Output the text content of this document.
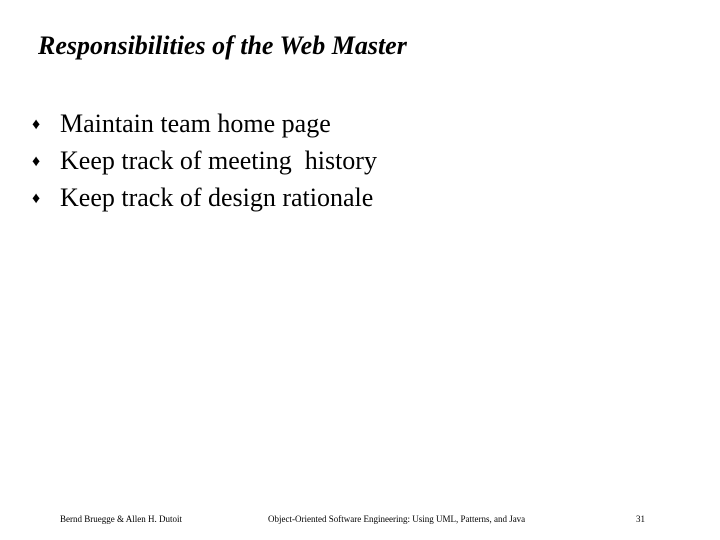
Responsibilities of the Web Master
♦ Maintain team home page
♦ Keep track of meeting  history
♦ Keep track of design rationale
Bernd Bruegge & Allen H. Dutoit	Object-Oriented Software Engineering: Using UML, Patterns, and Java	31
